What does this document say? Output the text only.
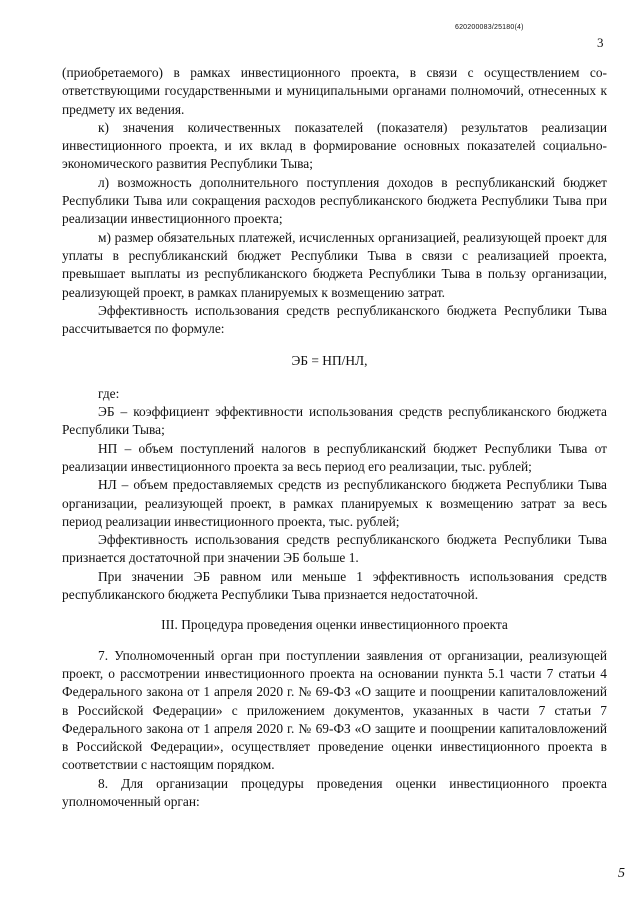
620200083/25180(4)
3

(приобретаемого) в рамках инвестиционного проекта, в связи с осуществлением соответствующими государственными и муниципальными органами полномочий, отнесенных к предмету их ведения.

к) значения количественных показателей (показателя) результатов реализации инвестиционного проекта, и их вклад в формирование основных показателей социально-экономического развития Республики Тыва;

л) возможность дополнительного поступления доходов в республиканский бюджет Республики Тыва или сокращения расходов республиканского бюджета Республики Тыва при реализации инвестиционного проекта;

м) размер обязательных платежей, исчисленных организацией, реализующей проект для уплаты в республиканский бюджет Республики Тыва в связи с реализацией проекта, превышает выплаты из республиканского бюджета Республики Тыва в пользу организации, реализующей проект, в рамках планируемых к возмещению затрат.

Эффективность использования средств республиканского бюджета Республики Тыва рассчитывается по формуле:

ЭБ = НП/НЛ,

где:

ЭБ – коэффициент эффективности использования средств республиканского бюджета Республики Тыва;

НП – объем поступлений налогов в республиканский бюджет Республики Тыва от реализации инвестиционного проекта за весь период его реализации, тыс. рублей;

НЛ – объем предоставляемых средств из республиканского бюджета Республики Тыва организации, реализующей проект, в рамках планируемых к возмещению затрат за весь период реализации инвестиционного проекта, тыс. рублей;

Эффективность использования средств республиканского бюджета Республики Тыва признается достаточной при значении ЭБ больше 1.

При значении ЭБ равном или меньше 1 эффективность использования средств республиканского бюджета Республики Тыва признается недостаточной.

III. Процедура проведения оценки инвестиционного проекта

7. Уполномоченный орган при поступлении заявления от организации, реализующей проект, о рассмотрении инвестиционного проекта на основании пункта 5.1 части 7 статьи 4 Федерального закона от 1 апреля 2020 г. № 69-ФЗ «О защите и поощрении капиталовложений в Российской Федерации» с приложением документов, указанных в части 7 статьи 7 Федерального закона от 1 апреля 2020 г. № 69-ФЗ «О защите и поощрении капиталовложений в Российской Федерации», осуществляет проведение оценки инвестиционного проекта в соответствии с настоящим порядком.

8. Для организации процедуры проведения оценки инвестиционного проекта уполномоченный орган:

5
